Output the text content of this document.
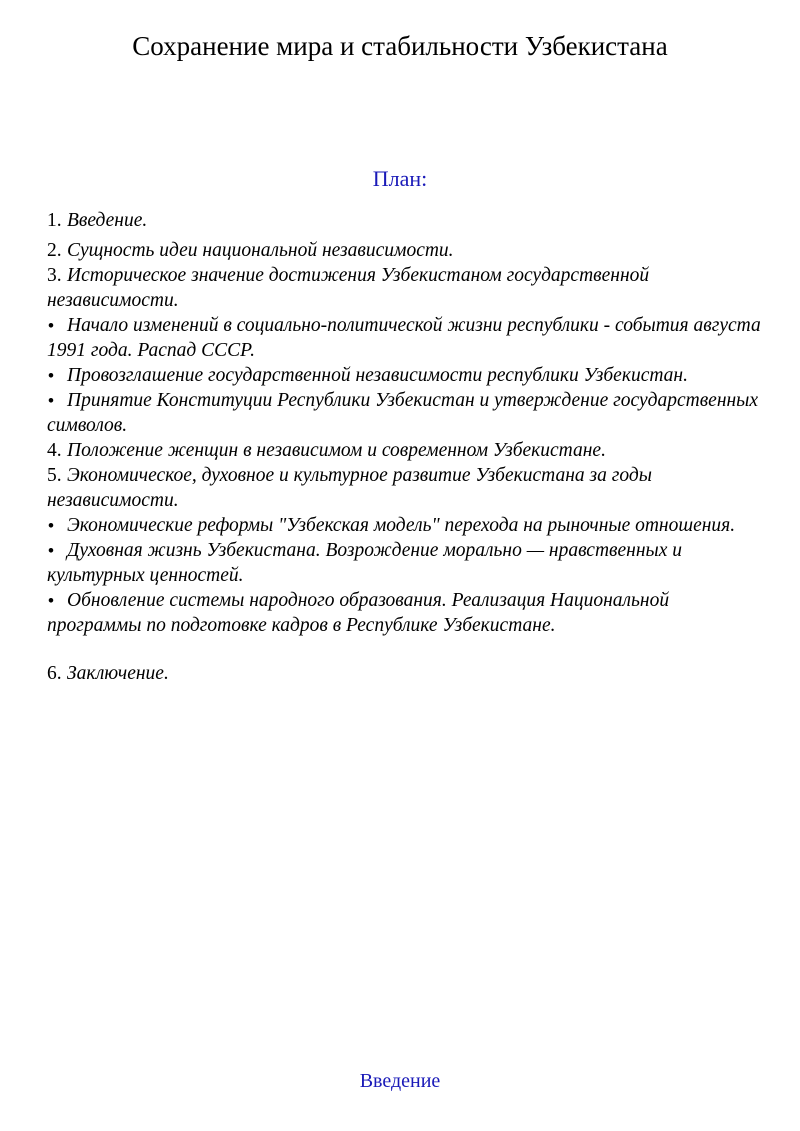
Сохранение мира и стабильности Узбекистана
План:
1. Введение.
2. Сущность идеи национальной независимости.
3. Историческое значение достижения Узбекистаном государственной независимости.
• Начало изменений в социально-политической жизни республики - события августа 1991 года. Распад СССР.
• Провозглашение государственной независимости республики Узбекистан.
• Принятие Конституции Республики Узбекистан и утверждение государственных символов.
4. Положение женщин в независимом и современном Узбекистане.
5. Экономическое, духовное и культурное развитие Узбекистана за годы независимости.
• Экономические реформы "Узбекская модель" перехода на рыночные отношения.
• Духовная жизнь Узбекистана. Возрождение морально — нравственных и культурных ценностей.
• Обновление системы народного образования. Реализация Национальной программы по подготовке кадров в Республике Узбекистане.
6. Заключение.
Введение
